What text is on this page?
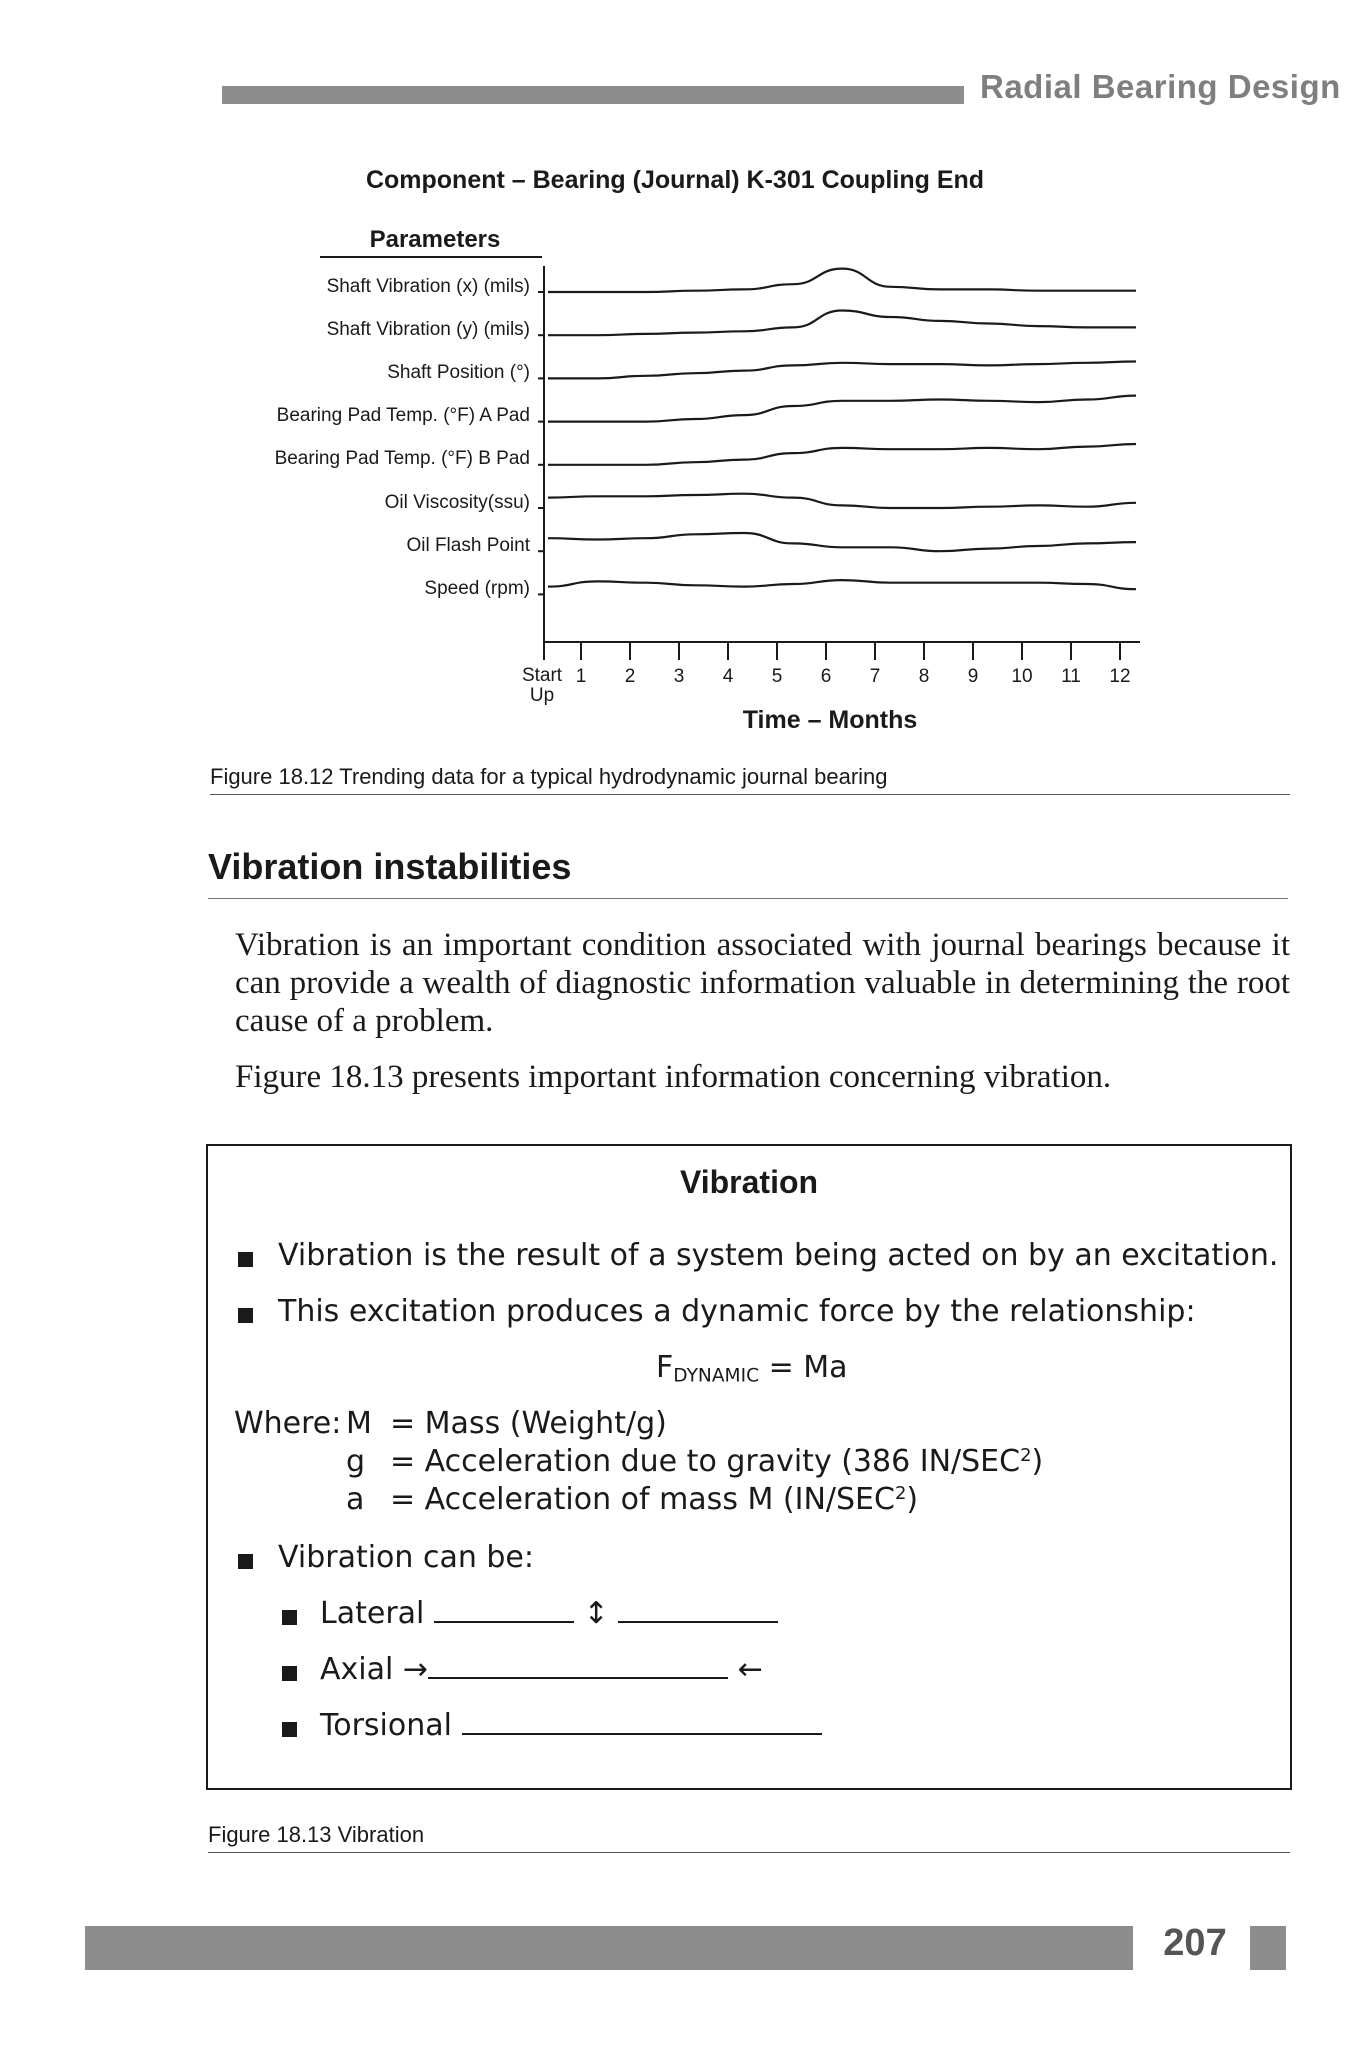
Radial Bearing Design
Component – Bearing (Journal) K-301 Coupling End
Parameters
Shaft Vibration (x) (mils)
Shaft Vibration (y) (mils)
Shaft Position (°)
Bearing Pad Temp. (°F) A Pad
Bearing Pad Temp. (°F) B Pad
Oil Viscosity(ssu)
Oil Flash Point
Speed (rpm)
Start Up
1	2	3	4	5	6	7	8	9	10	11	12
Time – Months
Figure 18.12 Trending data for a typical hydrodynamic journal bearing
Vibration instabilities
Vibration is an important condition associated with journal bearings because it can provide a wealth of diagnostic information valuable in determining the root cause of a problem.
Figure 18.13 presents important information concerning vibration.
Vibration
Vibration is the result of a system being acted on by an excitation.
This excitation produces a dynamic force by the relationship:
$F_{DYNAMIC} = Ma$
Where: M = Mass (Weight/g)
g = Acceleration due to gravity (386 IN/SEC$^2$)
a = Acceleration of mass M (IN/SEC$^2$)
Vibration can be:
Lateral	↕
Axial →	←
Torsional
Figure 18.13 Vibration
207
